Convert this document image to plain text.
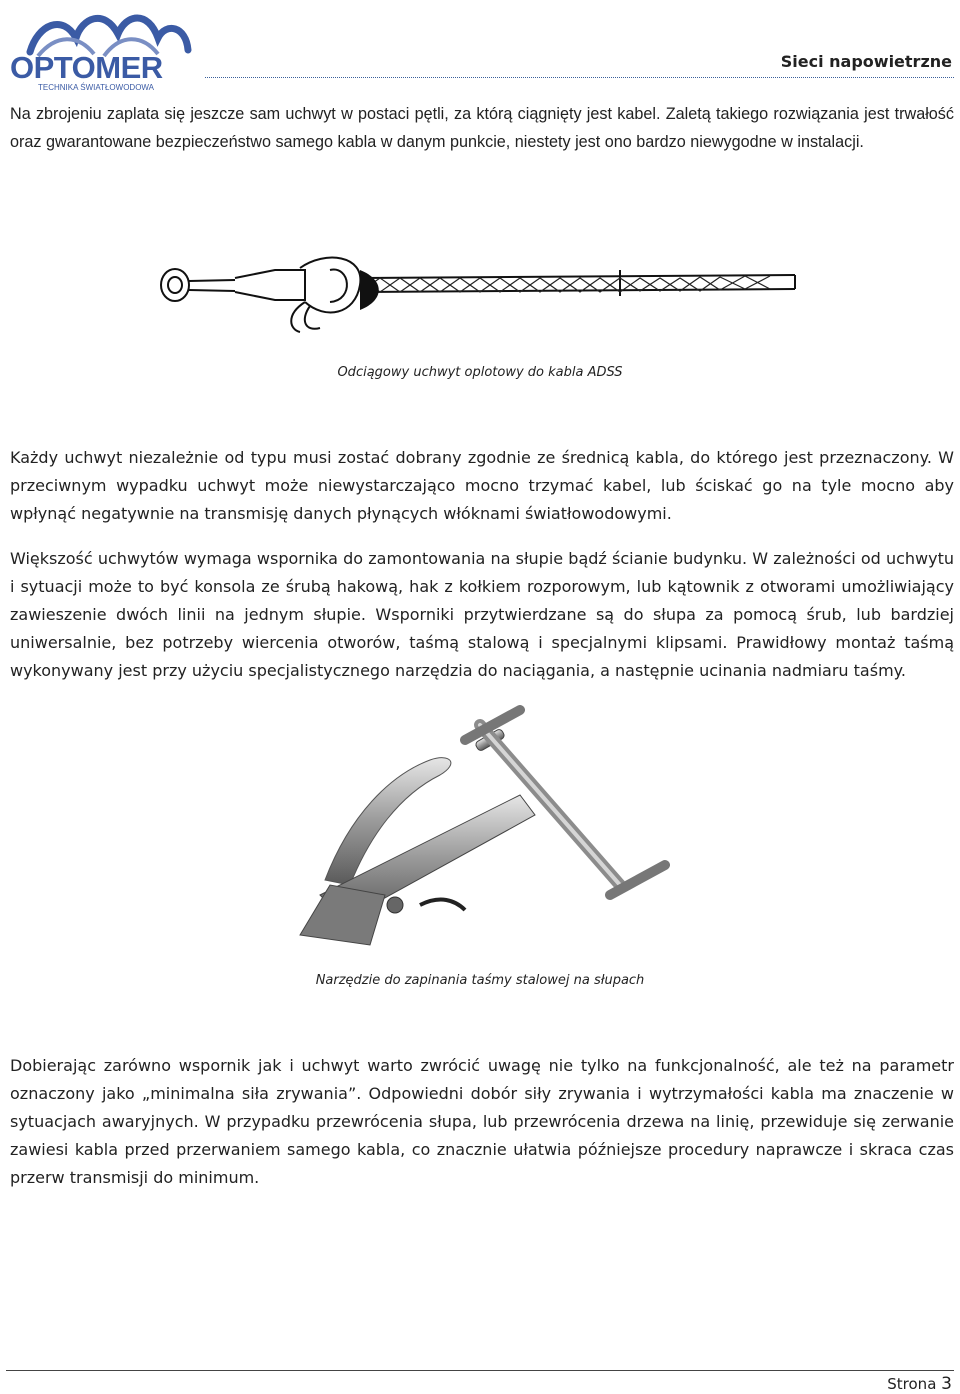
OPTOMER
TECHNIKA ŚWIATŁOWODOWA
Sieci napowietrzne

Na zbrojeniu zaplata się jeszcze sam uchwyt w postaci pętli, za którą ciągnięty jest kabel. Zaletą takiego rozwiązania jest trwałość oraz gwarantowane bezpieczeństwo samego kabla w danym punkcie, niestety jest ono bardzo niewygodne w instalacji.

Odciągowy uchwyt oplotowy do kabla ADSS

Każdy uchwyt niezależnie od typu musi zostać dobrany zgodnie ze średnicą kabla, do którego jest przeznaczony. W przeciwnym wypadku uchwyt może niewystarczająco mocno trzymać kabel, lub ściskać go na tyle mocno aby wpłynąć negatywnie na transmisję danych płynących włóknami światłowodowymi.

Większość uchwytów wymaga wspornika do zamontowania na słupie bądź ścianie budynku. W zależności od uchwytu i sytuacji może to być konsola ze śrubą hakową, hak z kołkiem rozporowym, lub kątownik z otworami umożliwiający zawieszenie dwóch linii na jednym słupie. Wsporniki przytwierdzane są do słupa za pomocą śrub, lub bardziej uniwersalnie, bez potrzeby wiercenia otworów, taśmą stalową i specjalnymi klipsami. Prawidłowy montaż taśmą wykonywany jest przy użyciu specjalistycznego narzędzia do naciągania, a następnie ucinania nadmiaru taśmy.

Narzędzie do zapinania taśmy stalowej na słupach

Dobierając zarówno wspornik jak i uchwyt warto zwrócić uwagę nie tylko na funkcjonalność, ale też na parametr oznaczony jako „minimalna siła zrywania”. Odpowiedni dobór siły zrywania i wytrzymałości kabla ma znaczenie w sytuacjach awaryjnych. W przypadku przewrócenia słupa, lub przewrócenia drzewa na linię, przewiduje się zerwanie zawiesi kabla przed przerwaniem samego kabla, co znacznie ułatwia późniejsze procedury naprawcze i skraca czas przerw transmisji do minimum.

Strona 3
